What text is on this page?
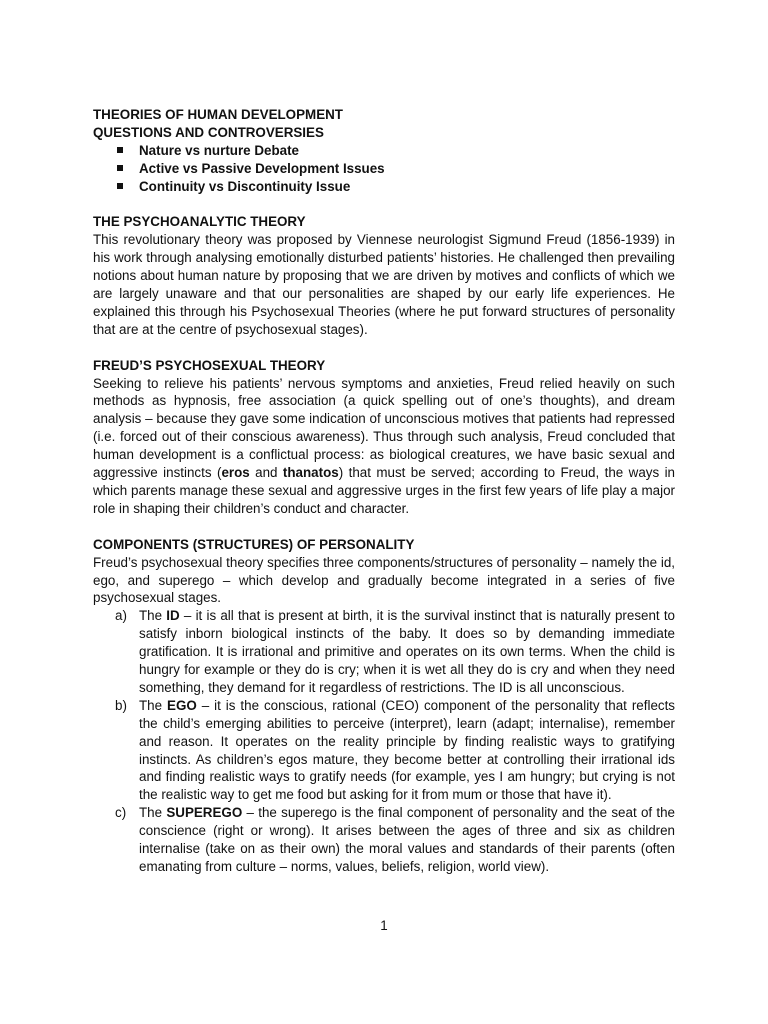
THEORIES OF HUMAN DEVELOPMENT

QUESTIONS AND CONTROVERSIES

Nature vs nurture Debate
Active vs Passive Development Issues
Continuity vs Discontinuity Issue

THE PSYCHOANALYTIC THEORY

This revolutionary theory was proposed by Viennese neurologist Sigmund Freud (1856-1939) in his work through analysing emotionally disturbed patients’ histories. He challenged then prevailing notions about human nature by proposing that we are driven by motives and conflicts of which we are largely unaware and that our personalities are shaped by our early life experiences. He explained this through his Psychosexual Theories (where he put forward structures of personality that are at the centre of psychosexual stages).

FREUD’S PSYCHOSEXUAL THEORY

Seeking to relieve his patients’ nervous symptoms and anxieties, Freud relied heavily on such methods as hypnosis, free association (a quick spelling out of one’s thoughts), and dream analysis – because they gave some indication of unconscious motives that patients had repressed (i.e. forced out of their conscious awareness). Thus through such analysis, Freud concluded that human development is a conflictual process: as biological creatures, we have basic sexual and aggressive instincts (eros and thanatos) that must be served; according to Freud, the ways in which parents manage these sexual and aggressive urges in the first few years of life play a major role in shaping their children’s conduct and character.

COMPONENTS (STRUCTURES) OF PERSONALITY

Freud’s psychosexual theory specifies three components/structures of personality – namely the id, ego, and superego – which develop and gradually become integrated in a series of five psychosexual stages.

a) The ID – it is all that is present at birth, it is the survival instinct that is naturally present to satisfy inborn biological instincts of the baby. It does so by demanding immediate gratification. It is irrational and primitive and operates on its own terms. When the child is hungry for example or they do is cry; when it is wet all they do is cry and when they need something, they demand for it regardless of restrictions. The ID is all unconscious.
b) The EGO – it is the conscious, rational (CEO) component of the personality that reflects the child’s emerging abilities to perceive (interpret), learn (adapt; internalise), remember and reason. It operates on the reality principle by finding realistic ways to gratifying instincts. As children’s egos mature, they become better at controlling their irrational ids and finding realistic ways to gratify needs (for example, yes I am hungry; but crying is not the realistic way to get me food but asking for it from mum or those that have it).
c) The SUPEREGO – the superego is the final component of personality and the seat of the conscience (right or wrong). It arises between the ages of three and six as children internalise (take on as their own) the moral values and standards of their parents (often emanating from culture – norms, values, beliefs, religion, world view).
1
